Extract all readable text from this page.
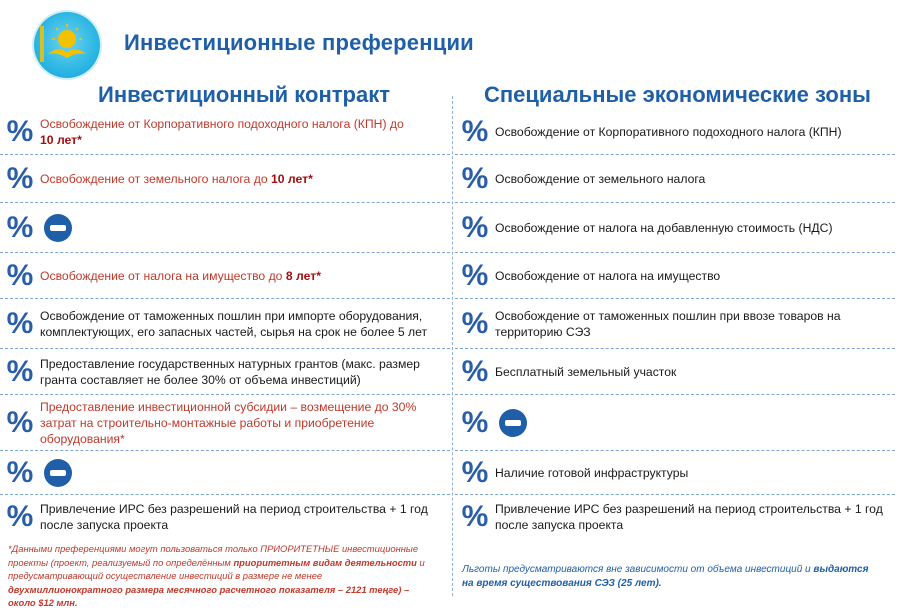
Инвестиционные преференции
Инвестиционный контракт	Специальные экономические зоны
% Освобождение от Корпоративного подоходного налога (КПН) до
10 лет*
% Освобождение от земельного налога до 10 лет*
%
% Освобождение от налога на имущество до 8 лет*
% Освобождение от таможенных пошлин при импорте оборудования, комплектующих, его запасных частей, сырья на срок не более 5 лет
% Предоставление государственных натурных грантов (макс. размер гранта составляет не более 30% от объема инвестиций)
% Предоставление инвестиционной субсидии – возмещение до 30% затрат на строительно-монтажные работы и приобретение оборудования*
%
% Привлечение ИРС без разрешений на период строительства + 1 год после запуска проекта
% Освобождение от Корпоративного подоходного налога (КПН)
% Освобождение от земельного налога
% Освобождение от налога на добавленную стоимость (НДС)
% Освобождение от налога на имущество
% Освобождение от таможенных пошлин при ввозе товаров на территорию СЭЗ
% Бесплатный земельный участок
%
% Наличие готовой инфраструктуры
% Привлечение ИРС без разрешений на период строительства + 1 год после запуска проекта
*Данными преференциями могут пользоваться только ПРИОРИТЕТНЫЕ инвестиционные проекты (проект, реализуемый по определённым приоритетным видам деятельности и предусматривающий осуществление инвестиций в размере не менее двухмиллионократного размера месячного расчетного показателя – 2121 теңге) – около $12 млн.
Льготы предусматриваются вне зависимости от объема инвестиций и выдаются на время существования СЭЗ (25 лет).
